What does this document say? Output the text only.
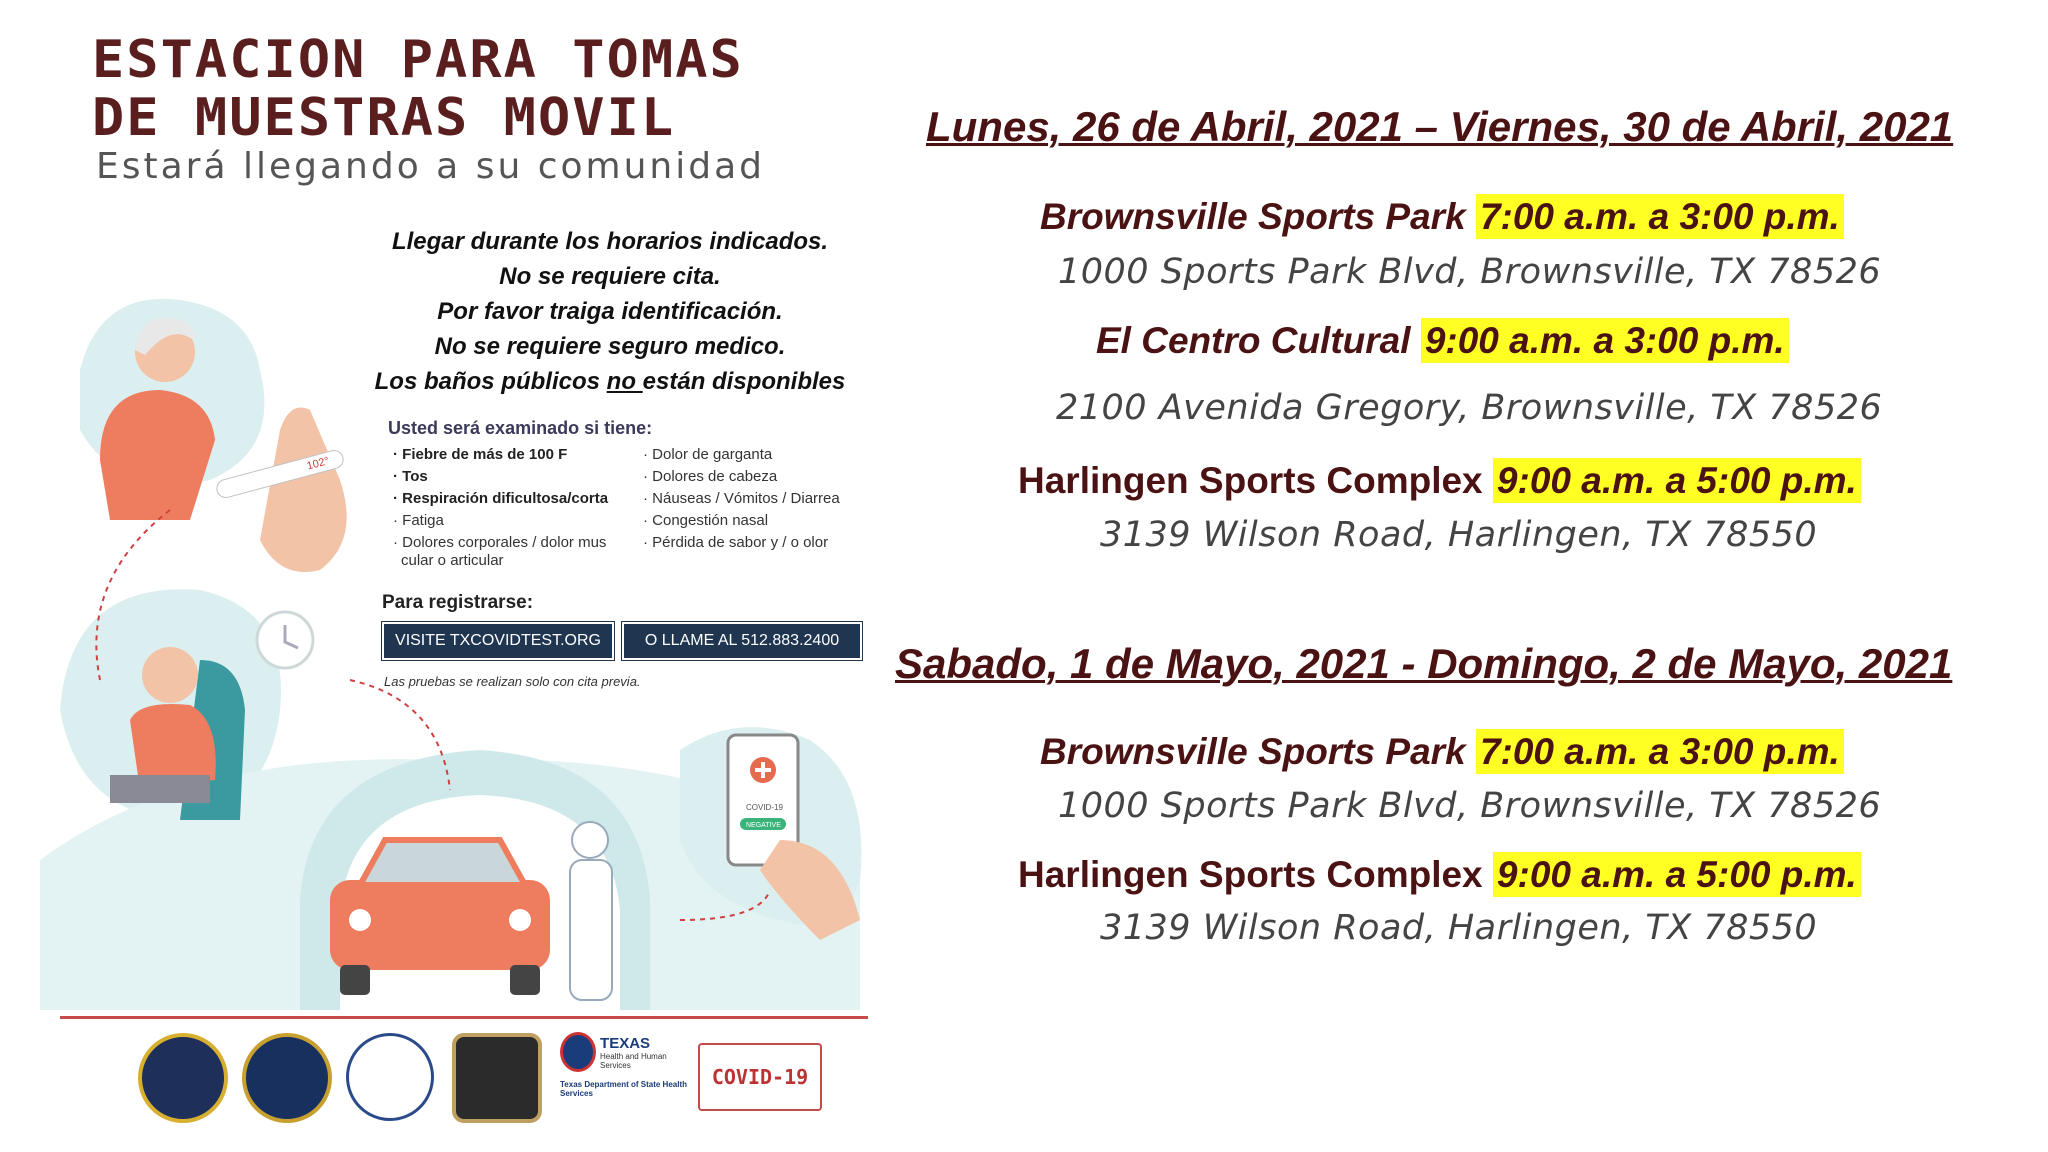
ESTACION PARA TOMAS
DE MUESTRAS MOVIL
Estará llegando a su comunidad
102°
COVID-19
NEGATIVE
Llegar durante los horarios indicados.
No se requiere cita.
Por favor traiga identificación.
No se requiere seguro medico.
Los baños públicos no están disponibles
Usted será examinado si tiene:
· Fiebre de más de 100 F
· Tos
· Respiración dificultosa/corta
· Fatiga
· Dolores corporales / dolor mus
cular o articular
· Dolor de garganta
· Dolores de cabeza
· Náuseas / Vómitos / Diarrea
· Congestión nasal
· Pérdida de sabor y / o olor
Para registrarse:
VISITE TXCOVIDTEST.ORG	O LLAME AL 512.883.2400
Las pruebas se realizan solo con cita previa.
TEXAS
Health and Human Services
Texas Department of State Health Services
COVID-19
Lunes, 26 de Abril, 2021 – Viernes, 30 de Abril, 2021
Brownsville Sports Park 7:00 a.m. a 3:00 p.m.
1000 Sports Park Blvd, Brownsville, TX 78526
El Centro Cultural 9:00 a.m. a 3:00 p.m.
2100 Avenida Gregory, Brownsville, TX 78526
Harlingen Sports Complex 9:00 a.m. a 5:00 p.m.
3139 Wilson Road, Harlingen, TX 78550
Sabado, 1 de Mayo, 2021 - Domingo, 2 de Mayo, 2021
Brownsville Sports Park 7:00 a.m. a 3:00 p.m.
1000 Sports Park Blvd, Brownsville, TX 78526
Harlingen Sports Complex 9:00 a.m. a 5:00 p.m.
3139 Wilson Road, Harlingen, TX 78550
